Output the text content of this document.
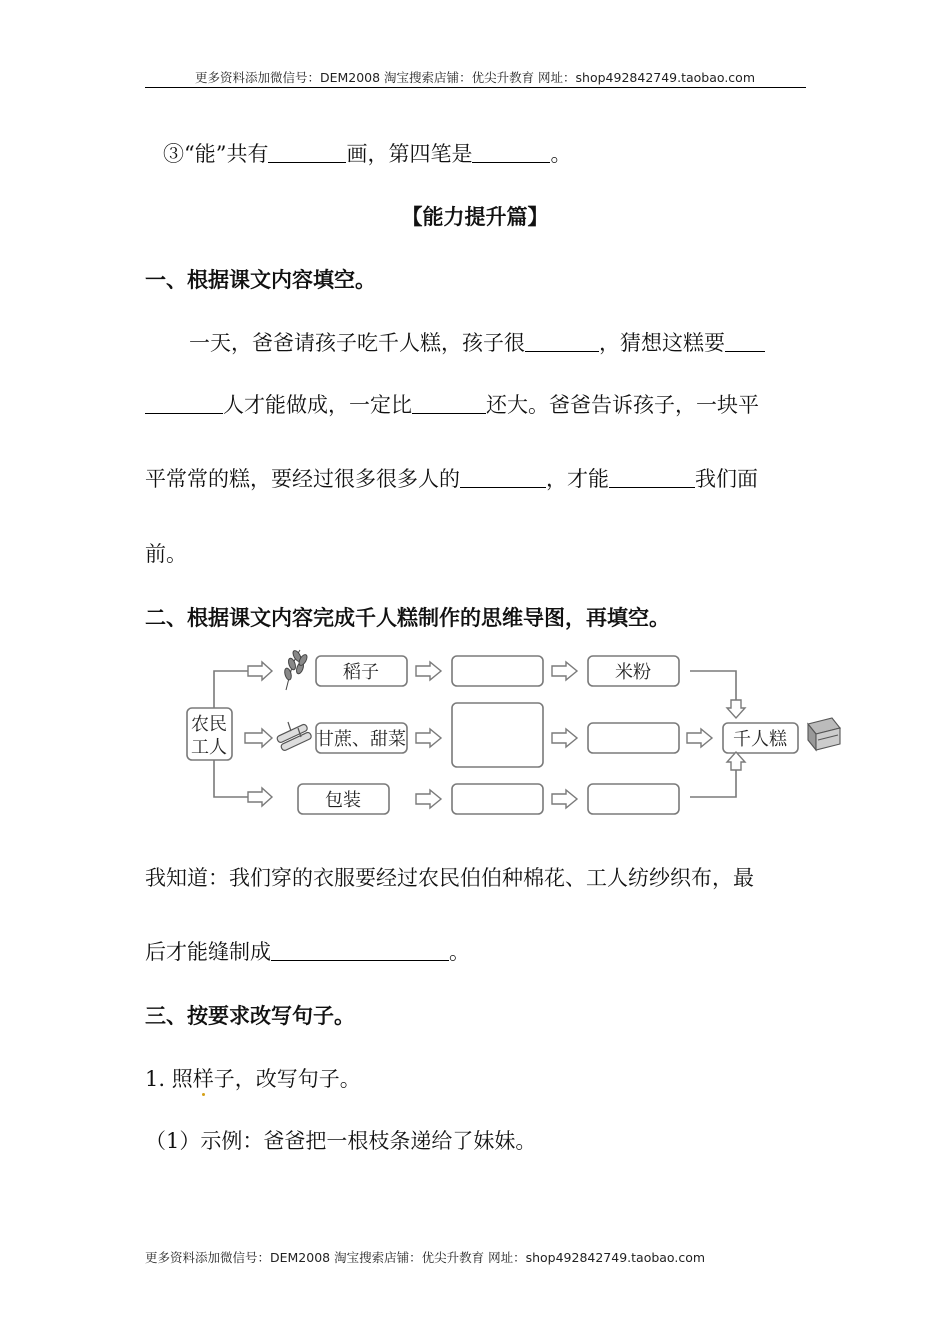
更多资料添加微信号：DEM2008 淘宝搜索店铺：优尖升教育 网址：shop492842749.taobao.com
③“能”共有	画，第四笔是	。
【能力提升篇】
一、根据课文内容填空。
一天，爸爸请孩子吃千人糕，孩子很	，猜想这糕要
人才能做成，一定比	还大。爸爸告诉孩子，一块平
平常常的糕，要经过很多很多人的	，才能	我们面
前。
二、根据课文内容完成千人糕制作的思维导图，再填空。
农民
工人
稻子	米粉
甘蔗、甜菜
包装
千人糕
我知道：我们穿的衣服要经过农民伯伯种棉花、工人纺纱织布，最
后才能缝制成	。
三、按要求改写句子。
1. 照样子，改写句子。
（1）示例：爸爸把一根枝条递给了妹妹。
更多资料添加微信号：DEM2008 淘宝搜索店铺：优尖升教育 网址：shop492842749.taobao.com
